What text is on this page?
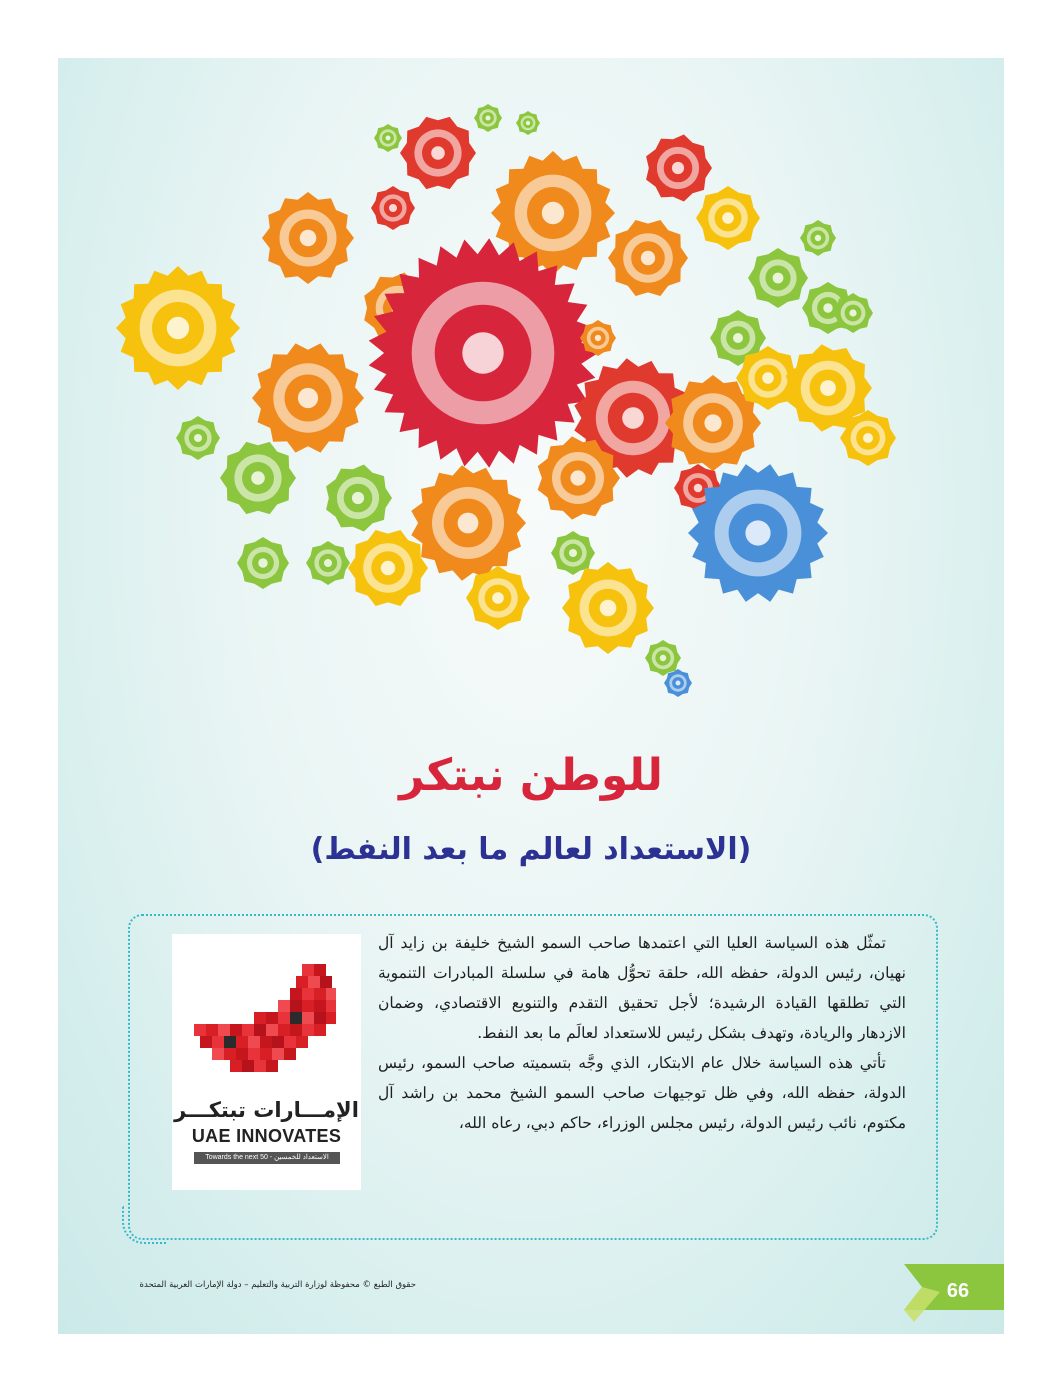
للوطن نبتكر
(الاستعداد لعالم ما بعد النفط)
الإمـــارات تبتكـــر
UAE INNOVATES
Towards the next 50 - الاستعداد للخمسين

تمثّل هذه السياسة العليا التي اعتمدها صاحب السمو الشيخ خليفة بن زايد آل نهيان، رئيس الدولة، حفظه الله، حلقة تحوُّل هامة في سلسلة المبادرات التنموية التي تطلقها القيادة الرشيدة؛ لأجل تحقيق التقدم والتنويع الاقتصادي، وضمان الازدهار والريادة، وتهدف بشكل رئيس للاستعداد لعالَم ما بعد النفط.

تأتي هذه السياسة خلال عام الابتكار، الذي وجَّه بتسميته صاحب السمو، رئيس الدولة، حفظه الله، وفي ظل توجيهات صاحب السمو الشيخ محمد بن راشد آل مكتوم، نائب رئيس الدولة، رئيس مجلس الوزراء، حاكم دبي، رعاه الله،

حقوق الطبع © محفوظة لوزارة التربية والتعليم – دولة الإمارات العربية المتحدة	66
